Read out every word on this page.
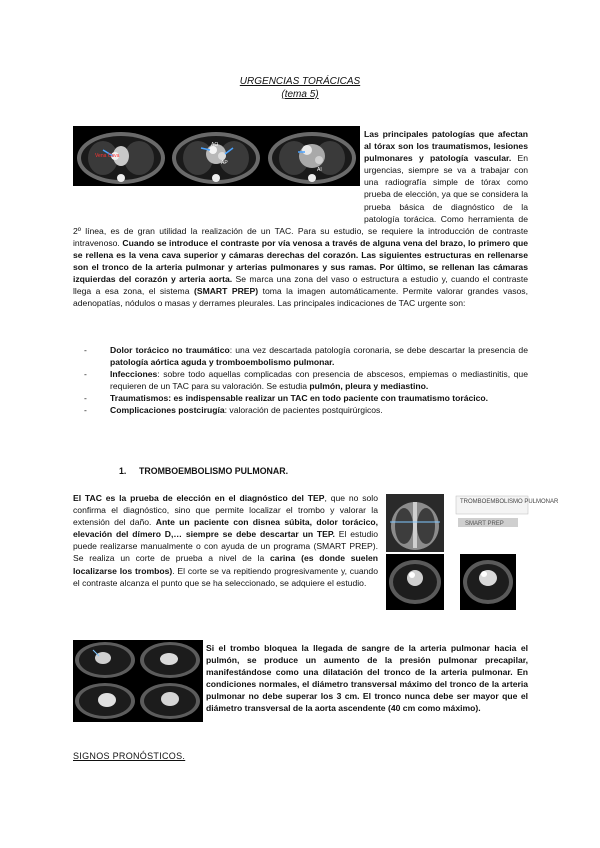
URGENCIAS TORÁCICAS
(tema 5)
Vena Cava
AO
AP
AI
Las principales patologías que afectan al tórax son los traumatismos, lesiones pulmonares y patología vascular. En urgencias, siempre se va a trabajar con una radiografía simple de tórax como prueba de elección, ya que se considera la prueba básica de diagnóstico de la patología torácica. Como herramienta de 2º línea, es de gran utilidad la realización de un TAC. Para su estudio, se requiere la introducción de contraste intravenoso. Cuando se introduce el contraste por vía venosa a través de alguna vena del brazo, lo primero que se rellena es la vena cava superior y cámaras derechas del corazón. Las siguientes estructuras en rellenarse son el tronco de la arteria pulmonar y arterias pulmonares y sus ramas. Por último, se rellenan las cámaras izquierdas del corazón y arteria aorta. Se marca una zona del vaso o estructura a estudio y, cuando el contraste llega a esa zona, el sistema (SMART PREP) toma la imagen automáticamente. Permite valorar grandes vasos, adenopatías, nódulos o masas y derrames pleurales. Las principales indicaciones de TAC urgente son:
-	Dolor torácico no traumático: una vez descartada patología coronaria, se debe descartar la presencia de patología aórtica aguda y tromboembolismo pulmonar.
-	Infecciones: sobre todo aquellas complicadas con presencia de abscesos, empiemas o mediastinitis, que requieren de un TAC para su valoración. Se estudia pulmón, pleura y mediastino.
-	Traumatismos: es indispensable realizar un TAC en todo paciente con traumatismo torácico.
-	Complicaciones postcirugía: valoración de pacientes postquirúrgicos.
1. TROMBOEMBOLISMO PULMONAR.
El TAC es la prueba de elección en el diagnóstico del TEP, que no solo confirma el diagnóstico, sino que permite localizar el trombo y valorar la extensión del daño. Ante un paciente con disnea súbita, dolor torácico, elevación del dímero D,… siempre se debe descartar un TEP. El estudio puede realizarse manualmente o con ayuda de un programa (SMART PREP). Se realiza un corte de prueba a nivel de la carina (es donde suelen localizarse los trombos). El corte se va repitiendo progresivamente y, cuando el contraste alcanza el punto que se ha seleccionado, se adquiere el estudio.
TROMBOEMBOLISMO PULMONAR
SMART PREP
Si el trombo bloquea la llegada de sangre de la arteria pulmonar hacia el pulmón, se produce un aumento de la presión pulmonar precapilar, manifestándose como una dilatación del tronco de la arteria pulmonar. En condiciones normales, el diámetro transversal máximo del tronco de la arteria pulmonar no debe superar los 3 cm. El tronco nunca debe ser mayor que el diámetro transversal de la aorta ascendente (40 cm como máximo).
SIGNOS PRONÓSTICOS.
